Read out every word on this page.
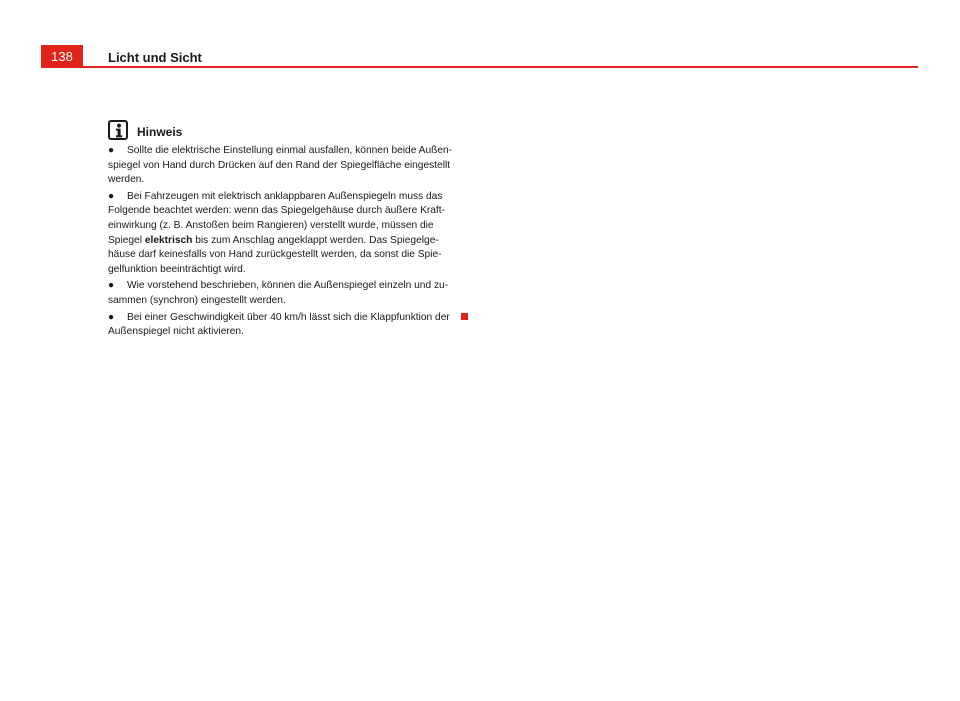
138	Licht und Sicht
Hinweis

● Sollte die elektrische Einstellung einmal ausfallen, können beide Außen-
spiegel von Hand durch Drücken auf den Rand der Spiegelfläche eingestellt
werden.

● Bei Fahrzeugen mit elektrisch anklappbaren Außenspiegeln muss das
Folgende beachtet werden: wenn das Spiegelgehäuse durch äußere Kraft-
einwirkung (z. B. Anstoßen beim Rangieren) verstellt wurde, müssen die
Spiegel elektrisch bis zum Anschlag angeklappt werden. Das Spiegelge-
häuse darf keinesfalls von Hand zurückgestellt werden, da sonst die Spie-
gelfunktion beeinträchtigt wird.

● Wie vorstehend beschrieben, können die Außenspiegel einzeln und zu-
sammen (synchron) eingestellt werden.

● Bei einer Geschwindigkeit über 40 km/h lässt sich die Klappfunktion der
Außenspiegel nicht aktivieren.
